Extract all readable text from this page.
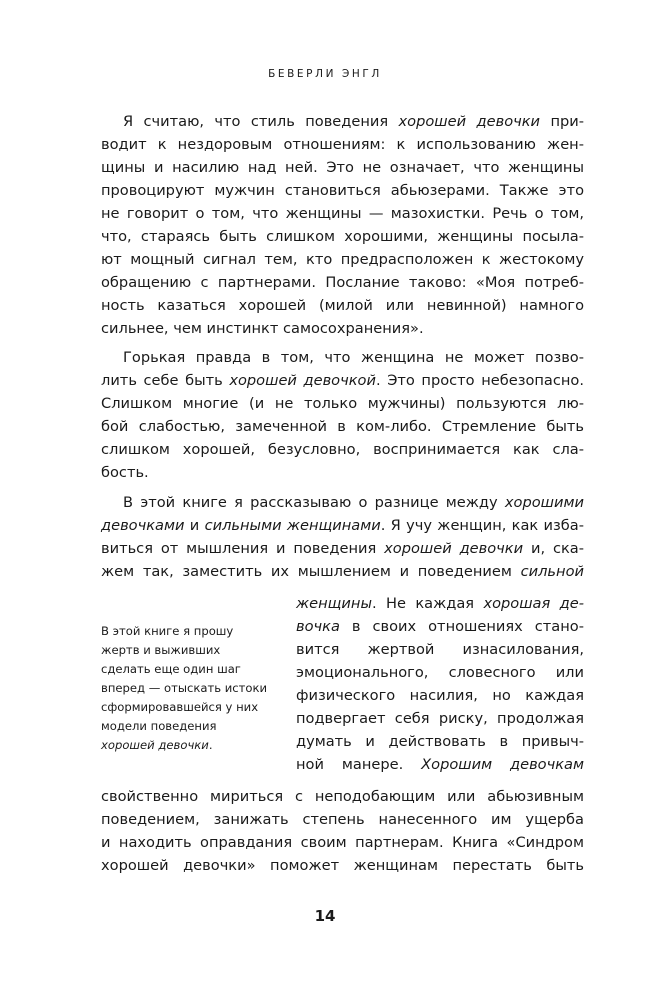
БЕВЕРЛИ ЭНГЛ
Я считаю, что стиль поведения хорошей девочки при-
водит к нездоровым отношениям: к использованию жен-
щины и насилию над ней. Это не означает, что женщины
провоцируют мужчин становиться абьюзерами. Также это
не говорит о том, что женщины — мазохистки. Речь о том,
что, стараясь быть слишком хорошими, женщины посыла-
ют мощный сигнал тем, кто предрасположен к жестокому
обращению с партнерами. Послание таково: «Моя потреб-
ность казаться хорошей (милой или невинной) намного
сильнее, чем инстинкт самосохранения».
Горькая правда в том, что женщина не может позво-
лить себе быть хорошей девочкой. Это просто небезопасно.
Слишком многие (и не только мужчины) пользуются лю-
бой слабостью, замеченной в ком-либо. Стремление быть
слишком хорошей, безусловно, воспринимается как сла-
бость.
В этой книге я рассказываю о разнице между хорошими
девочками и сильными женщинами. Я учу женщин, как изба-
виться от мышления и поведения хорошей девочки и, ска-
жем так, заместить их мышлением и поведением сильной
женщины. Не каждая хорошая де-
вочка в своих отношениях стано-
вится жертвой изнасилования,
эмоционального, словесного или
физического насилия, но каждая
подвергает себя риску, продолжая
думать и действовать в привыч-
ной манере. Хорошим девочкам
свойственно мириться с неподобающим или абьюзивным
поведением, занижать степень нанесенного им ущерба
и находить оправдания своим партнерам. Книга «Синдром
хорошей девочки» поможет женщинам перестать быть
В этой книге я прошу
жертв и выживших
сделать еще один шаг
вперед — отыскать истоки
сформировавшейся у них
модели поведения
хорошей девочки.
14
